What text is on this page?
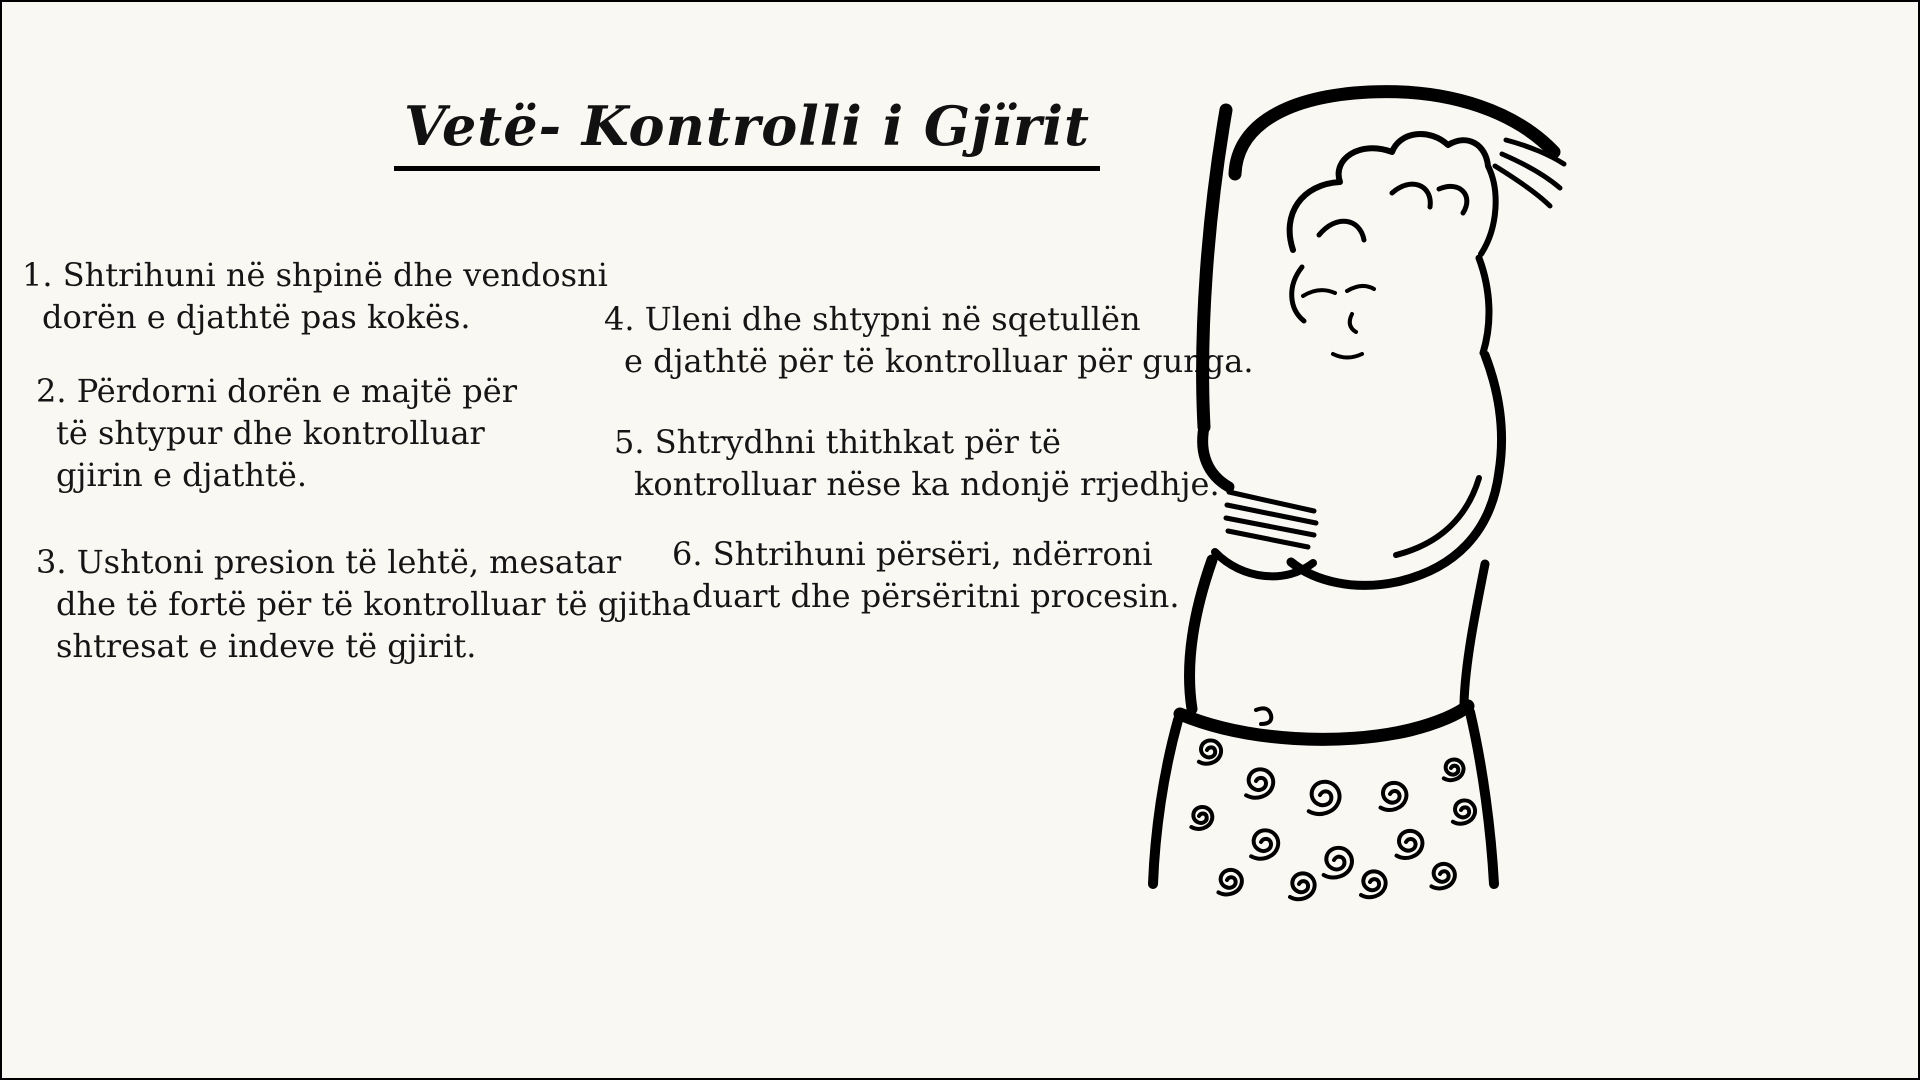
Vetë- Kontrolli i Gjïrit
1. Shtrihuni në shpinë dhe vendosni
dorën e djathtë pas kokës.
2. Përdorni dorën e majtë për
të shtypur dhe kontrolluar
gjirin e djathtë.
3. Ushtoni presion të lehtë, mesatar
dhe të fortë për të kontrolluar të gjitha
shtresat e indeve të gjirit.
4. Uleni dhe shtypni në sqetullën
e djathtë për të kontrolluar për gunga.
5. Shtrydhni thithkat për të
kontrolluar nëse ka ndonjë rrjedhje.
6. Shtrihuni përsëri, ndërroni
duart dhe përsëritni procesin.
